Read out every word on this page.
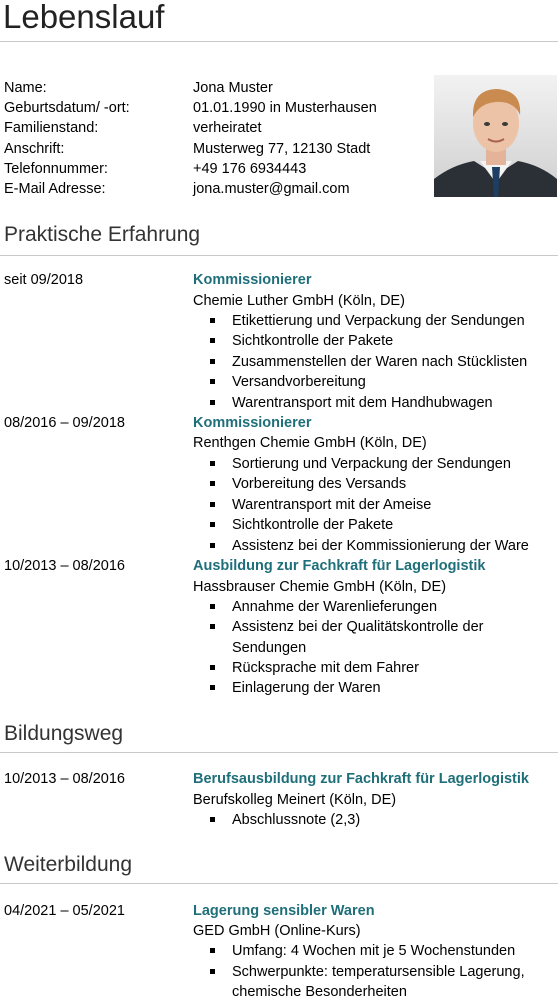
Lebenslauf
Name:	Jona Muster
Geburtsdatum/ -ort:	01.01.1990 in Musterhausen
Familienstand:	verheiratet
Anschrift:	Musterweg 77, 12130 Stadt
Telefonnummer:	+49 176 6934443
E-Mail Adresse:	jona.muster@gmail.com
Praktische Erfahrung
seit 09/2018	Kommissionierer
Chemie Luther GmbH (Köln, DE)
Etikettierung und Verpackung der Sendungen
Sichtkontrolle der Pakete
Zusammenstellen der Waren nach Stücklisten
Versandvorbereitung
Warentransport mit dem Handhubwagen
08/2016 – 09/2018	Kommissionierer
Renthgen Chemie GmbH (Köln, DE)
Sortierung und Verpackung der Sendungen
Vorbereitung des Versands
Warentransport mit der Ameise
Sichtkontrolle der Pakete
Assistenz bei der Kommissionierung der Ware
10/2013 – 08/2016	Ausbildung zur Fachkraft für Lagerlogistik
Hassbrauser Chemie GmbH (Köln, DE)
Annahme der Warenlieferungen
Assistenz bei der Qualitätskontrolle der
Sendungen
Rücksprache mit dem Fahrer
Einlagerung der Waren
Bildungsweg
10/2013 – 08/2016	Berufsausbildung zur Fachkraft für Lagerlogistik
Berufskolleg Meinert (Köln, DE)
Abschlussnote (2,3)
Weiterbildung
04/2021 – 05/2021	Lagerung sensibler Waren
GED GmbH (Online-Kurs)
Umfang: 4 Wochen mit je 5 Wochenstunden
Schwerpunkte: temperatursensible Lagerung,
chemische Besonderheiten
